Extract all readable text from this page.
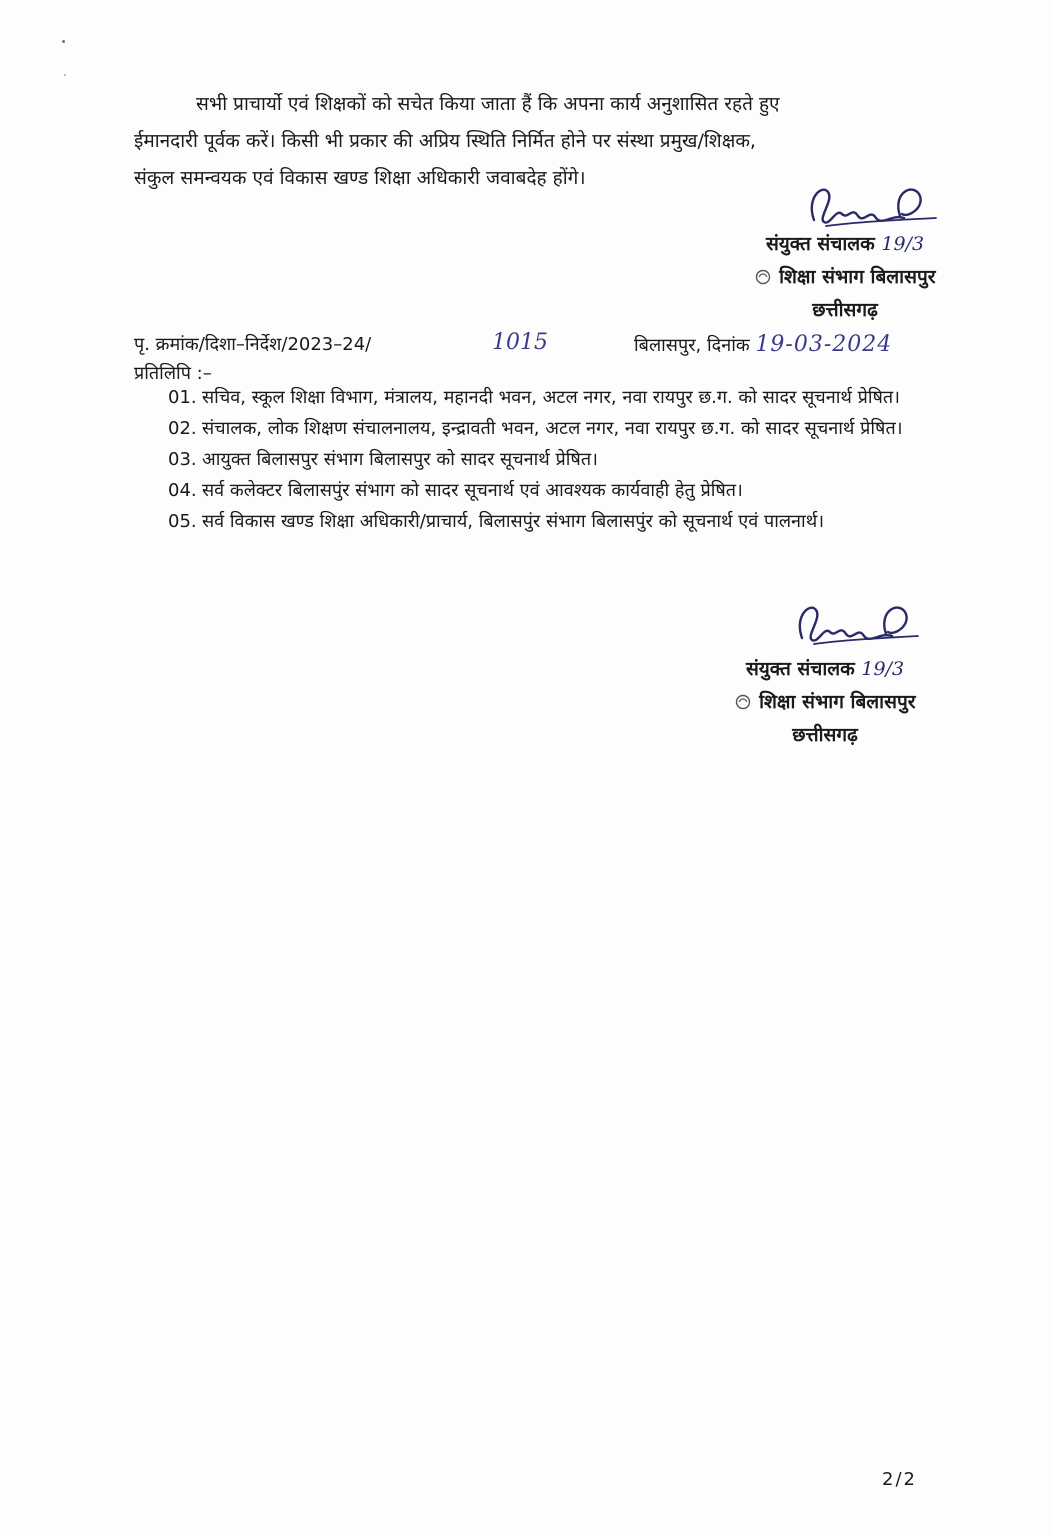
सभी प्राचार्यो एवं शिक्षकों को सचेत किया जाता हैं कि अपना कार्य अनुशासित रहते हुए
ईमानदारी पूर्वक करें। किसी भी प्रकार की अप्रिय स्थिति निर्मित होने पर संस्था प्रमुख/शिक्षक,
संकुल समन्वयक एवं विकास खण्ड शिक्षा अधिकारी जवाबदेह होंगे।
संयुक्त संचालक 19/3
शिक्षा संभाग बिलासपुर
छत्तीसगढ़
पृ. क्रमांक/दिशा–निर्देश/2023–24/	1015	बिलासपुर, दिनांक 19-03-2024
प्रतिलिपि :–
01. सचिव, स्कूल शिक्षा विभाग, मंत्रालय, महानदी भवन, अटल नगर, नवा रायपुर छ.ग. को सादर सूचनार्थ प्रेषित।
02. संचालक, लोक शिक्षण संचालनालय, इन्द्रावती भवन, अटल नगर, नवा रायपुर छ.ग. को सादर सूचनार्थ प्रेषित।
03. आयुक्त बिलासपुर संभाग बिलासपुर को सादर सूचनार्थ प्रेषित।
04. सर्व कलेक्टर बिलासपुंर संभाग को सादर सूचनार्थ एवं आवश्यक कार्यवाही हेतु प्रेषित।
05. सर्व विकास खण्ड शिक्षा अधिकारी/प्राचार्य, बिलासपुंर संभाग बिलासपुंर को सूचनार्थ एवं पालनार्थ।
संयुक्त संचालक 19/3
शिक्षा संभाग बिलासपुर
छत्तीसगढ़
2/2
